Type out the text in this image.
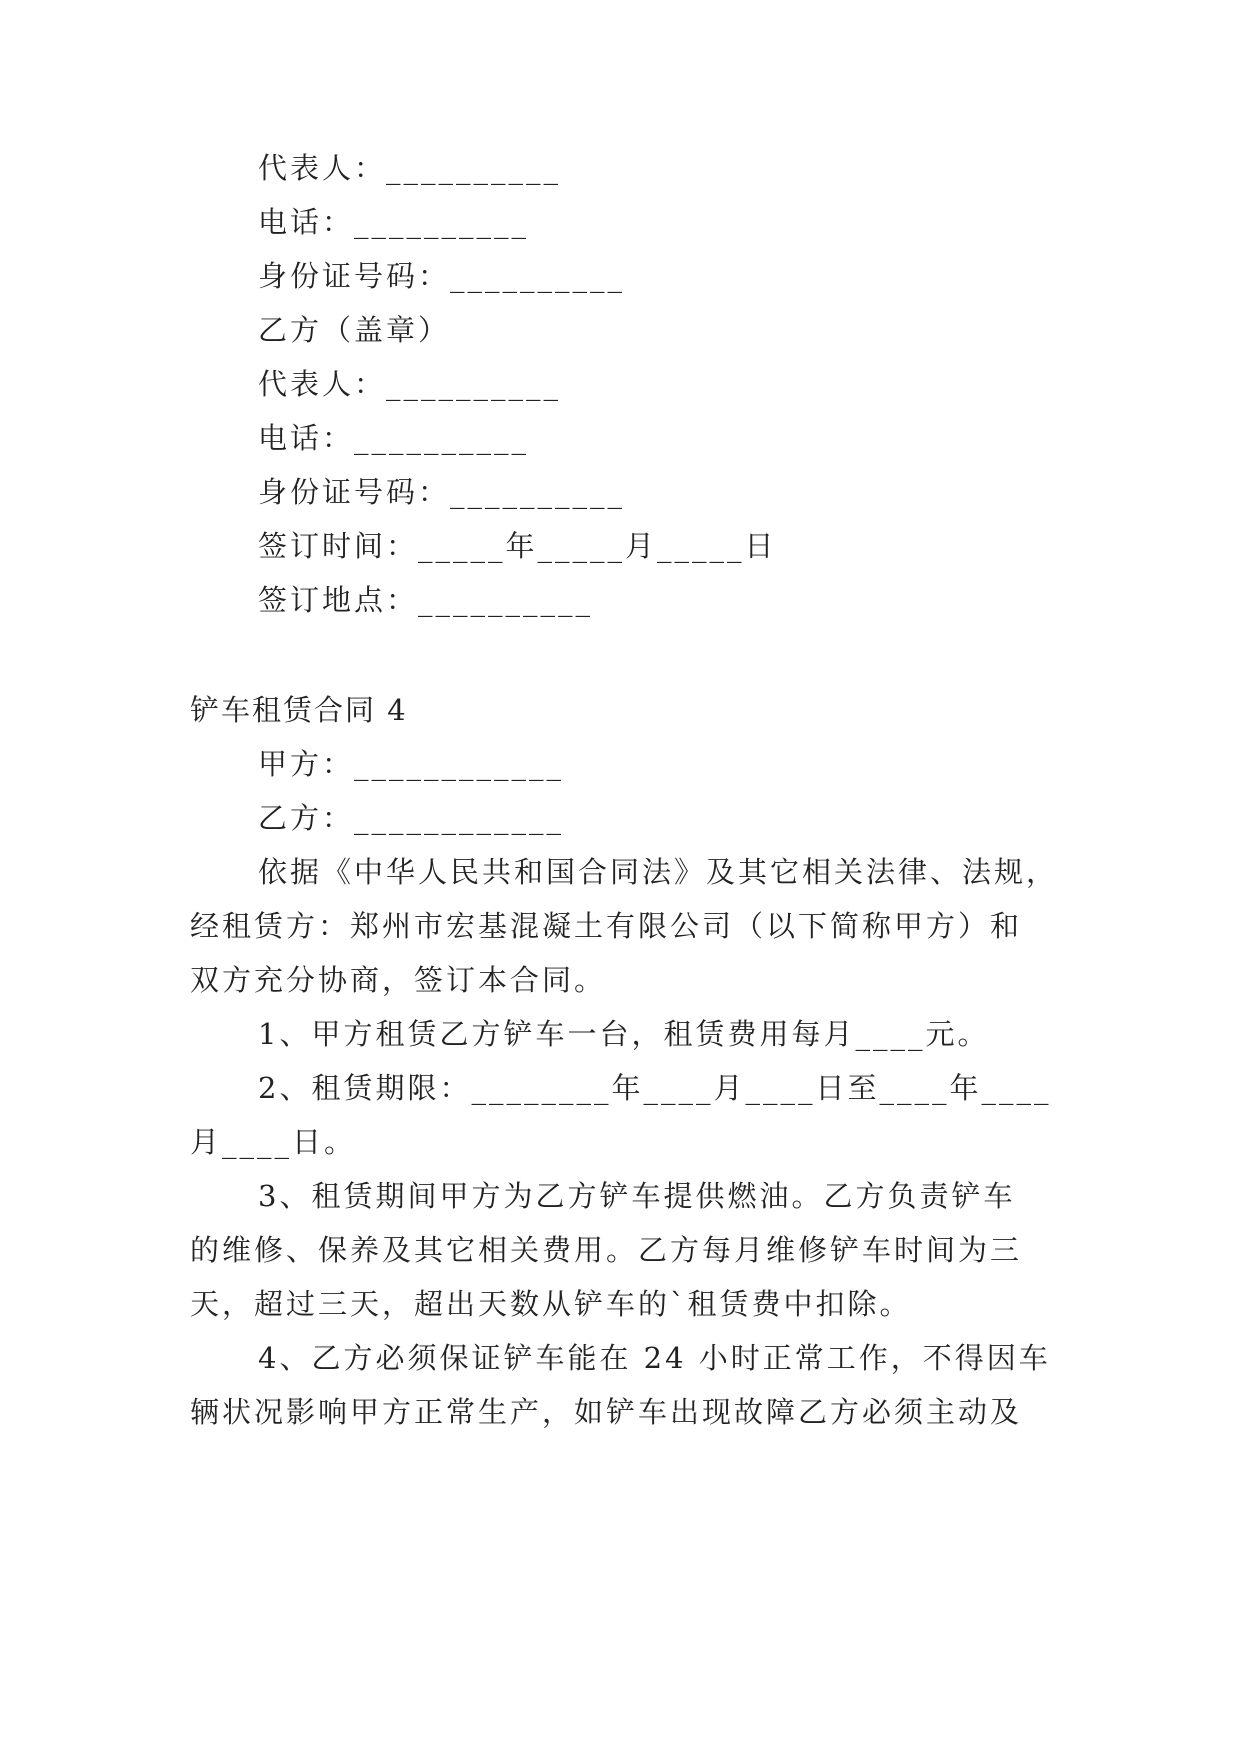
代表人：__________
电话：__________
身份证号码：__________
乙方（盖章）
代表人：__________
电话：__________
身份证号码：__________
签订时间：_____年_____月_____日
签订地点：__________
铲车租赁合同 4
甲方：____________
乙方：____________
依据《中华人民共和国合同法》及其它相关法律、法规，
经租赁方：郑州市宏基混凝土有限公司（以下简称甲方）和
双方充分协商，签订本合同。
1、甲方租赁乙方铲车一台，租赁费用每月____元。
2、租赁期限：________年____月____日至____年____
月____日。
3、租赁期间甲方为乙方铲车提供燃油。乙方负责铲车
的维修、保养及其它相关费用。乙方每月维修铲车时间为三
天，超过三天，超出天数从铲车的`租赁费中扣除。
4、乙方必须保证铲车能在 24 小时正常工作，不得因车
辆状况影响甲方正常生产，如铲车出现故障乙方必须主动及
